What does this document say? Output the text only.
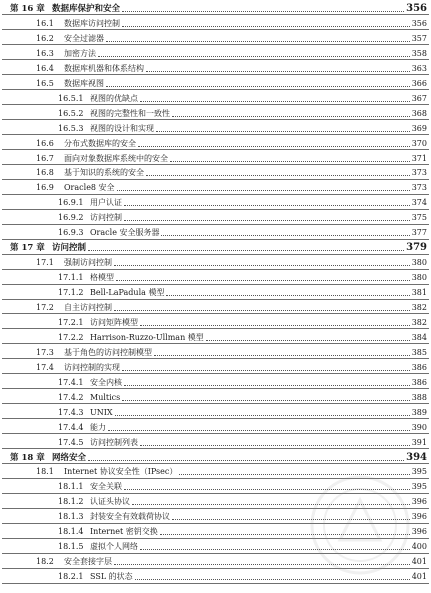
第 16 章 数据库保护和安全	356
16.1	数据库访问控制	356
16.2	安全过滤器	357
16.3	加密方法	358
16.4	数据库机器和体系结构	363
16.5	数据库视图	366
16.5.1 视图的优缺点	367
16.5.2 视图的完整性和一致性	368
16.5.3 视图的设计和实现	369
16.6	分布式数据库的安全	370
16.7	面向对象数据库系统中的安全	371
16.8	基于知识的系统的安全	373
16.9	Oracle8 安全	373
16.9.1 用户认证	374
16.9.2 访问控制	375
16.9.3 Oracle 安全服务器	377
第 17 章 访问控制	379
17.1	强制访问控制	380
17.1.1 格模型	380
17.1.2 Bell-LaPadula 模型	381
17.2	自主访问控制	382
17.2.1 访问矩阵模型	382
17.2.2 Harrison-Ruzzo-Ullman 模型	384
17.3	基于角色的访问控制模型	385
17.4	访问控制的实现	386
17.4.1 安全内核	386
17.4.2 Multics	388
17.4.3 UNIX	389
17.4.4 能力	390
17.4.5 访问控制列表	391
第 18 章 网络安全	394
18.1	Internet 协议安全性（IPsec）	395
18.1.1 安全关联	395
18.1.2 认证头协议	396
18.1.3 封装安全有效载荷协议	396
18.1.4 Internet 密钥交换	396
18.1.5 虚拟个人网络	400
18.2	安全套接字层	401
18.2.1 SSL 的状态	401
